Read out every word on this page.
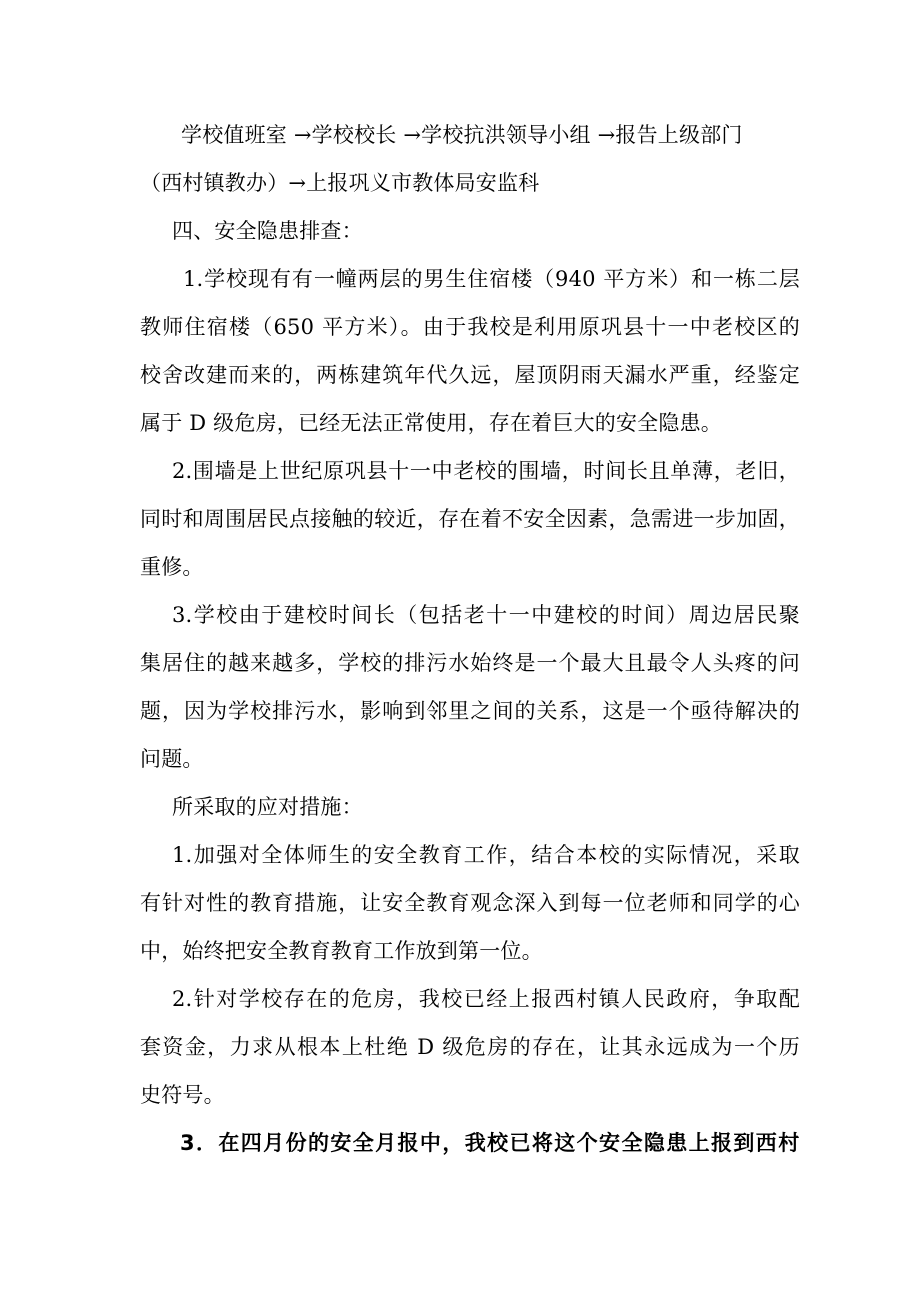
学校值班室 →学校校长 →学校抗洪领导小组 →报告上级部门
（西村镇教办）→上报巩义市教体局安监科
四、安全隐患排查：
1.学校现有有一幢两层的男生住宿楼（940 平方米）和一栋二层
教师住宿楼（650 平方米）。由于我校是利用原巩县十一中老校区的
校舍改建而来的，两栋建筑年代久远，屋顶阴雨天漏水严重，经鉴定
属于 D 级危房，已经无法正常使用，存在着巨大的安全隐患。
2.围墙是上世纪原巩县十一中老校的围墙，时间长且单薄，老旧，
同时和周围居民点接触的较近，存在着不安全因素，急需进一步加固，
重修。
3.学校由于建校时间长（包括老十一中建校的时间）周边居民聚
集居住的越来越多，学校的排污水始终是一个最大且最令人头疼的问
题，因为学校排污水，影响到邻里之间的关系，这是一个亟待解决的
问题。
所采取的应对措施：
1.加强对全体师生的安全教育工作，结合本校的实际情况，采取
有针对性的教育措施，让安全教育观念深入到每一位老师和同学的心
中，始终把安全教育教育工作放到第一位。
2.针对学校存在的危房，我校已经上报西村镇人民政府，争取配
套资金，力求从根本上杜绝 D 级危房的存在，让其永远成为一个历
史符号。
3．在四月份的安全月报中，我校已将这个安全隐患上报到西村
